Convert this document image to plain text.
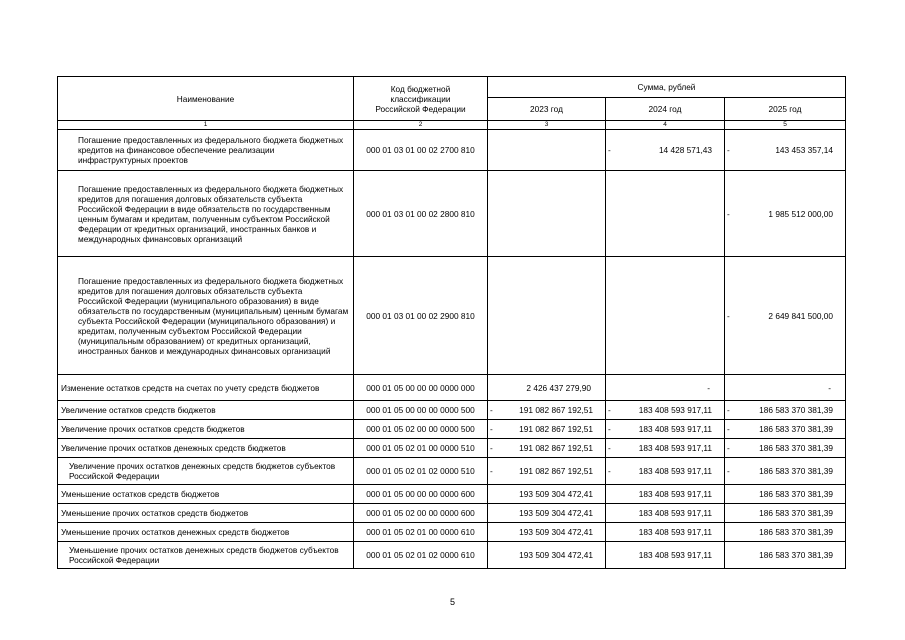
Наименование	Код бюджетной классификации Российской Федерации	Сумма, рублей		
		2023 год	2024 год	2025 год
1	2	3	4	5
Погашение предоставленных из федерального бюджета бюджетных кредитов на финансовое обеспечение реализации инфраструктурных проектов	000 01 03 01 00 02 2700 810		- 14 428 571,43	- 143 453 357,14
Погашение предоставленных из федерального бюджета бюджетных кредитов для погашения долговых обязательств субъекта Российской Федерации в виде обязательств по государственным ценным бумагам и кредитам, полученным субъектом Российской Федерации от кредитных организаций, иностранных банков и международных финансовых организаций	000 01 03 01 00 02 2800 810			- 1 985 512 000,00
Погашение предоставленных из федерального бюджета бюджетных кредитов для погашения долговых обязательств субъекта Российской Федерации (муниципального образования) в виде обязательств по государственным (муниципальным) ценным бумагам субъекта Российской Федерации (муниципального образования) и кредитам, полученным субъектом Российской Федерации (муниципальным образованием) от кредитных организаций, иностранных банков и международных финансовых организаций	000 01 03 01 00 02 2900 810			- 2 649 841 500,00
Изменение остатков средств на счетах по учету средств бюджетов	000 01 05 00 00 00 0000 000	2 426 437 279,90	-	-
Увеличение остатков средств бюджетов	000 01 05 00 00 00 0000 500	- 191 082 867 192,51	- 183 408 593 917,11	- 186 583 370 381,39
Увеличение прочих остатков средств бюджетов	000 01 05 02 00 00 0000 500	- 191 082 867 192,51	- 183 408 593 917,11	- 186 583 370 381,39
Увеличение прочих остатков денежных средств бюджетов	000 01 05 02 01 00 0000 510	- 191 082 867 192,51	- 183 408 593 917,11	- 186 583 370 381,39
Увеличение прочих остатков денежных средств бюджетов субъектов Российской Федерации	000 01 05 02 01 02 0000 510	- 191 082 867 192,51	- 183 408 593 917,11	- 186 583 370 381,39
Уменьшение остатков средств бюджетов	000 01 05 00 00 00 0000 600	193 509 304 472,41	183 408 593 917,11	186 583 370 381,39
Уменьшение прочих остатков средств бюджетов	000 01 05 02 00 00 0000 600	193 509 304 472,41	183 408 593 917,11	186 583 370 381,39
Уменьшение прочих остатков денежных средств бюджетов	000 01 05 02 01 00 0000 610	193 509 304 472,41	183 408 593 917,11	186 583 370 381,39
Уменьшение прочих остатков денежных средств бюджетов субъектов Российской Федерации	000 01 05 02 01 02 0000 610	193 509 304 472,41	183 408 593 917,11	186 583 370 381,39
5
